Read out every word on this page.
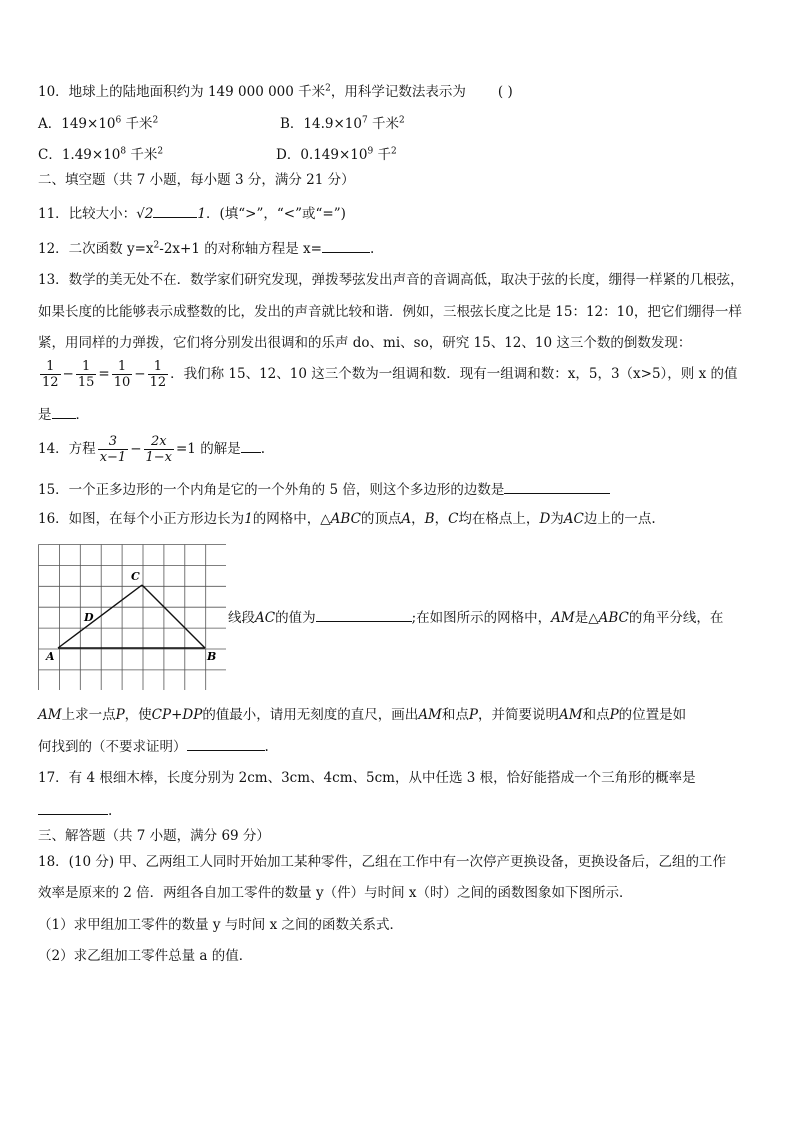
10．地球上的陆地面积约为 149 000 000 千米$^2$，用科学记数法表示为 ( )
A．$149\times 10^6$ 千米$^2$	B．$14.9\times 10^7$ 千米$^2$
C．$1.49\times 10^8$ 千米$^2$	D．$0.149\times 10^9$ 千$^2$
二、填空题（共 7 小题，每小题 3 分，满分 21 分）
11．比较大小：√2	1．(填“>”，“<”或“=”)
12．二次函数 $y=x^2-2x+1$ 的对称轴方程是 x=	.
13．数学的美无处不在．数学家们研究发现，弹拨琴弦发出声音的音调高低，取决于弦的长度，绷得一样紧的几根弦，
如果长度的比能够表示成整数的比，发出的声音就比较和谐．例如，三根弦长度之比是 15：12：10，把它们绷得一样
紧，用同样的力弹拨，它们将分别发出很调和的乐声 do、mi、so，研究 15、12、10 这三个数的倒数发现：
$\frac{1}{12} - \frac{1}{15} = \frac{1}{10} - \frac{1}{12}$ ．我们称 15、12、10 这三个数为一组调和数．现有一组调和数：x，5，3（x>5），则 x 的值
是 ．
14．方程 $\frac{3}{x-1} - \frac{2x}{1-x} =1$ 的解是 .
15．一个正多边形的一个内角是它的一个外角的 5 倍，则这个多边形的边数是
16．如图，在每个小正方形边长为1的网格中，△ABC的顶点A，B，C均在格点上，D为AC边上的一点.
C
D
A	B
线段AC的值为	;在如图所示的网格中，AM是△ABC的角平分线，在
AM上求一点P，使CP+DP的值最小，请用无刻度的直尺，画出AM和点P，并简要说明AM和点P的位置是如
何找到的（不要求证明）	.
17．有 4 根细木棒，长度分别为 2cm、3cm、4cm、5cm，从中任选 3 根，恰好能搭成一个三角形的概率是
.
三、解答题（共 7 小题，满分 69 分）
18．(10 分) 甲、乙两组工人同时开始加工某种零件，乙组在工作中有一次停产更换设备，更换设备后，乙组的工作
效率是原来的 2 倍．两组各自加工零件的数量 y（件）与时间 x（时）之间的函数图象如下图所示．
（1）求甲组加工零件的数量 y 与时间 x 之间的函数关系式．
（2）求乙组加工零件总量 a 的值．
